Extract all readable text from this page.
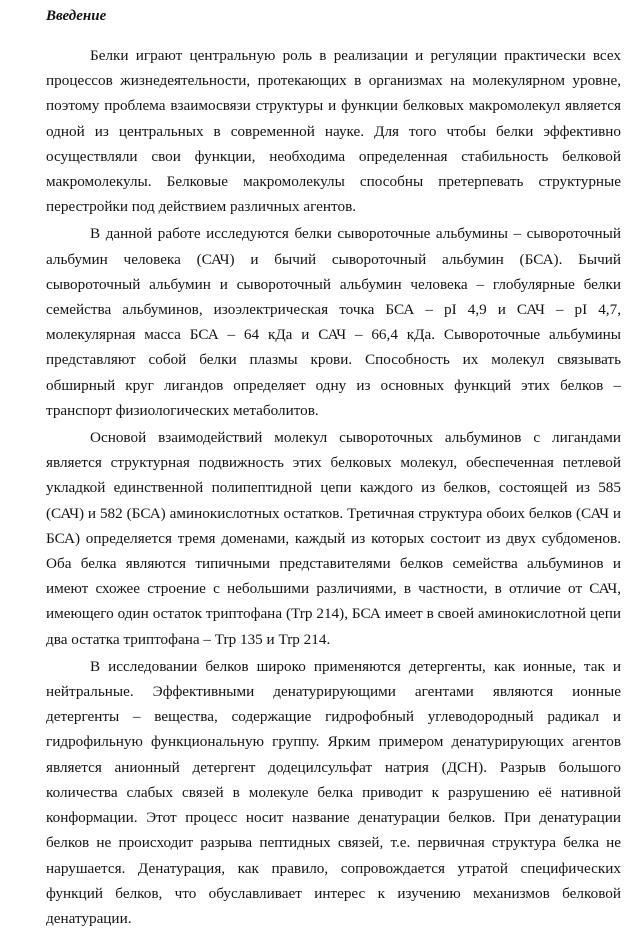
Введение

Белки играют центральную роль в реализации и регуляции практически всех процессов жизнедеятельности, протекающих в организмах на молекулярном уровне, поэтому проблема взаимосвязи структуры и функции белковых макромолекул является одной из центральных в современной науке. Для того чтобы белки эффективно осуществляли свои функции, необходима определенная стабильность белковой макромолекулы. Белковые макромолекулы способны претерпевать структурные перестройки под действием различных агентов.

В данной работе исследуются белки сывороточные альбумины – сывороточный альбумин человека (САЧ) и бычий сывороточный альбумин (БСА). Бычий сывороточный альбумин и сывороточный альбумин человека – глобулярные белки семейства альбуминов, изоэлектрическая точка БСА – pI 4,9 и САЧ – pI 4,7, молекулярная масса БСА – 64 кДа и САЧ – 66,4 кДа. Сывороточные альбумины представляют собой белки плазмы крови. Способность их молекул связывать обширный круг лигандов определяет одну из основных функций этих белков – транспорт физиологических метаболитов.

Основой взаимодействий молекул сывороточных альбуминов с лигандами является структурная подвижность этих белковых молекул, обеспеченная петлевой укладкой единственной полипептидной цепи каждого из белков, состоящей из 585 (САЧ) и 582 (БСА) аминокислотных остатков. Третичная структура обоих белков (САЧ и БСА) определяется тремя доменами, каждый из которых состоит из двух субдоменов. Оба белка являются типичными представителями белков семейства альбуминов и имеют схожее строение с небольшими различиями, в частности, в отличие от САЧ, имеющего один остаток триптофана (Trp 214), БСА имеет в своей аминокислотной цепи два остатка триптофана – Trp 135 и Trp 214.

В исследовании белков широко применяются детергенты, как ионные, так и нейтральные. Эффективными денатурирующими агентами являются ионные детергенты – вещества, содержащие гидрофобный углеводородный радикал и гидрофильную функциональную группу. Ярким примером денатурирующих агентов является анионный детергент додецилсульфат натрия (ДСН). Разрыв большого количества слабых связей в молекуле белка приводит к разрушению её нативной конформации. Этот процесс носит название денатурации белков. При денатурации белков не происходит разрыва пептидных связей, т.е. первичная структура белка не нарушается. Денатурация, как правило, сопровождается утратой специфических функций белков, что обуславливает интерес к изучению механизмов белковой денатурации.
